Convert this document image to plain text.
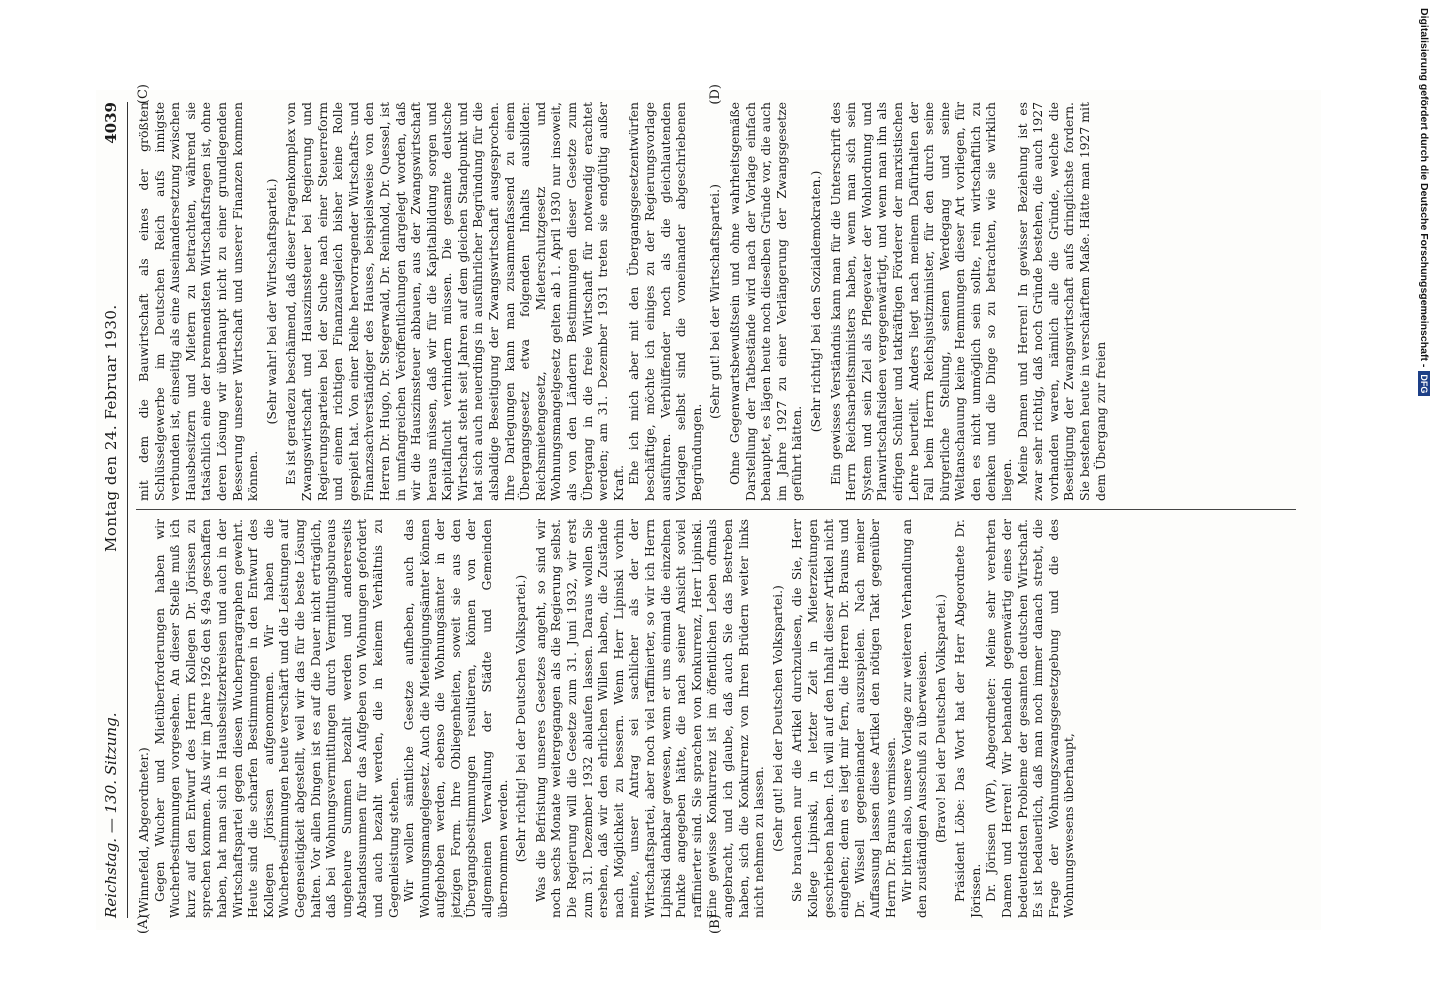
Reichstag. — 130. Sitzung.
Montag den 24. Februar 1930.
4039

(Winnefeld, Abgeordneter.) Gegen Wucher und Mietüberforderungen haben wir Wucherbestimmungen vorgesehen. An dieser Stelle muß ich kurz auf den Entwurf des Herrn Kollegen Dr. Jörissen zu sprechen kommen. Als wir im Jahre 1926 den § 49a geschaffen haben, hat man sich in Hausbesitzerkreisen und auch in der Wirtschaftspartei gegen diesen Wucherparagraphen gewehrt. Heute sind die scharfen Bestimmungen in den Entwurf des Kollegen Jörissen aufgenommen. Wir haben die Wucherbestimmungen heute verschärft und die Leistungen auf Gegenseitigkeit abgestellt, weil wir das für die beste Lösung halten. Vor allen Dingen ist es auf die Dauer nicht erträglich, daß bei Wohnungsvermittlungen durch Vermittlungsbureaus ungeheure Summen bezahlt werden und andererseits Abstandssummen für das Aufgeben von Wohnungen gefordert und auch bezahlt werden, die in keinem Verhältnis zu Gegenleistung stehen. Wir wollen sämtliche Gesetze aufheben, auch das Wohnungsmangelgesetz. Auch die Mieteinigungsämter können aufgehoben werden, ebenso die Wohnungsämter in der jetzigen Form. Ihre Obliegenheiten, soweit sie aus den Übergangsbestimmungen resultieren, können von der allgemeinen Verwaltung der Städte und Gemeinden übernommen werden. (Sehr richtig! bei der Deutschen Volkspartei.) Was die Befristung unseres Gesetzes angeht, so sind wir noch sechs Monate weitergegangen als die Regierung selbst. Die Regierung will die Gesetze zum 31. Juni 1932, wir erst zum 31. Dezember 1932 ablaufen lassen. Daraus wollen Sie ersehen, daß wir den ehrlichen Willen haben, die Zustände nach Möglichkeit zu bessern. Wenn Herr Lipinski vorhin meinte, unser Antrag sei sachlicher als der der Wirtschaftspartei, aber noch viel raffinierter, so wir ich Herrn Lipinski dankbar gewesen, wenn er uns einmal die einzelnen Punkte angegeben hätte, die nach seiner Ansicht soviel raffinierter sind. Sie sprachen von Konkurrenz, Herr Lipinski. Eine gewisse Konkurrenz ist im öffentlichen Leben oftmals angebracht, und ich glaube, daß auch Sie das Bestreben haben, sich die Konkurrenz von Ihren Brüdern weiter links nicht nehmen zu lassen. (Sehr gut! bei der Deutschen Volkspartei.) Sie brauchen nur die Artikel durchzulesen, die Sie, Herr Kollege Lipinski, in letzter Zeit in Mieterzeitungen geschrieben haben. Ich will auf den Inhalt dieser Artikel nicht eingehen; denn es liegt mir fern, die Herren Dr. Brauns und Dr. Wissell gegeneinander auszuspielen. Nach meiner Auffassung lassen diese Artikel den nötigen Takt gegenüber Herrn Dr. Brauns vermissen. Wir bitten also, unsere Vorlage zur weiteren Verhandlung an den zuständigen Ausschuß zu überweisen. (Bravo! bei der Deutschen Volkspartei.) Präsident Löbe: Das Wort hat der Herr Abgeordnete Dr. Jörissen. Dr. Jörissen (WP), Abgeordneter: Meine sehr verehrten Damen und Herren! Wir behandeln gegenwärtig eines der bedeutendsten Probleme der gesamten deutschen Wirtschaft. Es ist bedauerlich, daß man noch immer danach strebt, die Frage der Wohnungszwangsgesetzgebung und die des Wohnungswesens überhaupt,

mit dem die Bauwirtschaft als eines der größten Schlüsselgewerbe im Deutschen Reich aufs innigste verbunden ist, einseitig als eine Auseinandersetzung zwischen Hausbesitzern und Mietern zu betrachten, während sie tatsächlich eine der brennendsten Wirtschaftsfragen ist, ohne deren Lösung wir überhaupt nicht zu einer grundlegenden Besserung unserer Wirtschaft und unserer Finanzen kommen können.

(Sehr wahr! bei der Wirtschaftspartei.) Es ist geradezu beschämend, daß dieser Fragenkomplex von Zwangswirtschaft und Hauszinssteuer bei Regierung und Regierungsparteien bei der Suche nach einer Steuerreform und einem richtigen Finanzausgleich bisher keine Rolle gespielt hat. Von einer Reihe hervorragender Wirtschafts- und Finanzsachverständiger des Hauses, beispielsweise von den Herren Dr. Hugo, Dr. Stegerwald, Dr. Reinhold, Dr. Quessel, ist in umfangreichen Veröffentlichungen dargelegt worden, daß wir die Hauszinssteuer abbauen, aus der Zwangswirtschaft heraus müssen, daß wir für die Kapitalbildung sorgen und Kapitalflucht verhindern müssen. Die gesamte deutsche Wirtschaft steht seit Jahren auf dem gleichen Standpunkt und hat sich auch neuerdings in ausführlicher Begründung für die alsbaldige Beseitigung der Zwangswirtschaft ausgesprochen. Ihre Darlegungen kann man zusammenfassend zu einem Übergangsgesetz etwa folgenden Inhalts ausbilden: Reichsmietengesetz, Mieterschutzgesetz und Wohnungsmangelgesetz gelten ab 1. April 1930 nur insoweit, als von den Ländern Bestimmungen dieser Gesetze zum Übergang in die freie Wirtschaft für notwendig erachtet werden; am 31. Dezember 1931 treten sie endgültig außer Kraft. Ehe ich mich aber mit den Übergangsgesetzentwürfen beschäftige, möchte ich einiges zu der Regierungsvorlage ausführen. Verblüffender noch als die gleichlautenden Vorlagen selbst sind die voneinander abgeschriebenen Begründungen.

(Sehr gut! bei der Wirtschaftspartei.) Ohne Gegenwartsbewußtsein und ohne wahrheitsgemäße Darstellung der Tatbestände wird nach der Vorlage einfach behauptet, es lägen heute noch dieselben Gründe vor, die auch im Jahre 1927 zu einer Verlängerung der Zwangsgesetze geführt hätten.

(Sehr richtig! bei den Sozialdemokraten.) Ein gewisses Verständnis kann man für die Unterschrift des Herrn Reichsarbeitsministers haben, wenn man sich sein System und sein Ziel als Pflegevater der Wohlordnung und Planwirtschaftsideen vergegenwärtigt, und wenn man ihn als eifrigen Schüler und tatkräftigen Förderer der marxistischen Lehre beurteilt. Anders liegt nach meinem Dafürhalten der Fall beim Herrn Reichsjustizminister, für den durch seine bürgerliche Stellung, seinen Werdegang und seine Weltanschauung keine Hemmungen dieser Art vorliegen, für den es nicht unmöglich sein sollte, rein wirtschaftlich zu denken und die Dinge so zu betrachten, wie sie wirklich liegen. Meine Damen und Herren! In gewisser Beziehung ist es zwar sehr richtig, daß noch Gründe bestehen, die auch 1927 vorhanden waren, nämlich alle die Gründe, welche die Beseitigung der Zwangswirtschaft aufs dringlichste fordern. Sie bestehen heute in verschärftem Maße. Hätte man 1927 mit dem Übergang zur freien

(A)	(B)
(C)	(D)	Digitalisierung gefördert durch die Deutsche Forschungsgemeinschaft -
DFG
